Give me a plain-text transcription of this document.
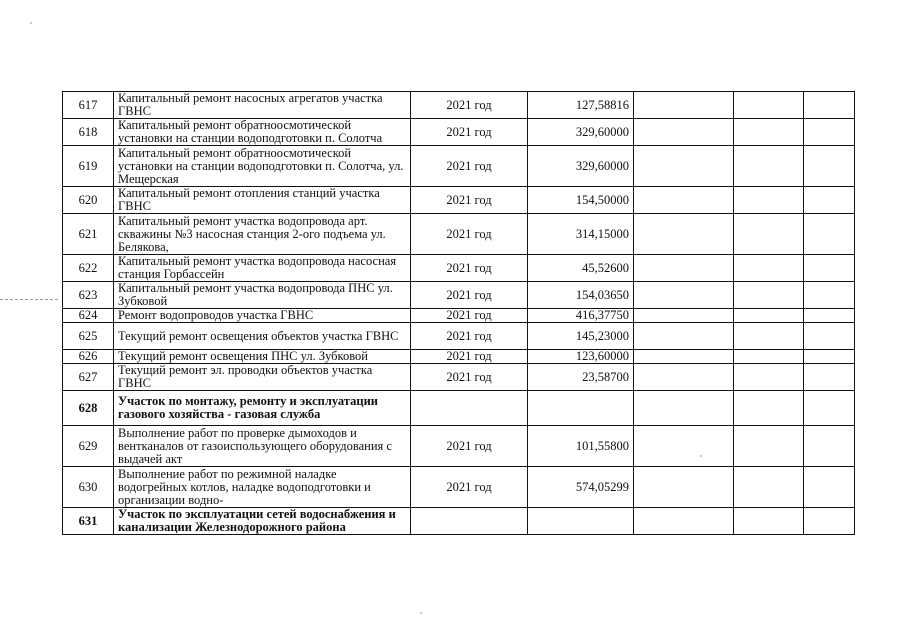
617	Капитальный ремонт насосных агрегатов участка ГВНС	2021 год	127,58816			
618	Капитальный ремонт обратноосмотической установки на станции водоподготовки п. Солотча	2021 год	329,60000			
619	Капитальный ремонт обратноосмотической установки на станции водоподготовки п. Солотча, ул. Мещерская	2021 год	329,60000			
620	Капитальный ремонт отопления станций участка ГВНС	2021 год	154,50000			
621	Капитальный ремонт участка водопровода арт. скважины №3 насосная станция 2-ого подъема ул. Белякова,	2021 год	314,15000			
622	Капитальный ремонт участка водопровода насосная станция Горбассейн	2021 год	45,52600			
623	Капитальный ремонт участка водопровода ПНС ул. Зубковой	2021 год	154,03650			
624	Ремонт водопроводов участка ГВНС	2021 год	416,37750			
625	Текущий ремонт освещения объектов участка ГВНС	2021 год	145,23000			
626	Текущий ремонт освещения ПНС ул. Зубковой	2021 год	123,60000			
627	Текущий ремонт эл. проводки объектов участка ГВНС	2021 год	23,58700			
628	Участок по монтажу, ремонту и эксплуатации газового хозяйства - газовая служба					
629	Выполнение работ по проверке дымоходов и вентканалов от газоиспользующего оборудования с выдачей акт	2021 год	101,55800			
630	Выполнение работ по режимной наладке водогрейных котлов, наладке водоподготовки и организации водно-	2021 год	574,05299			
631	Участок по эксплуатации сетей водоснабжения и канализации Железнодорожного района					
